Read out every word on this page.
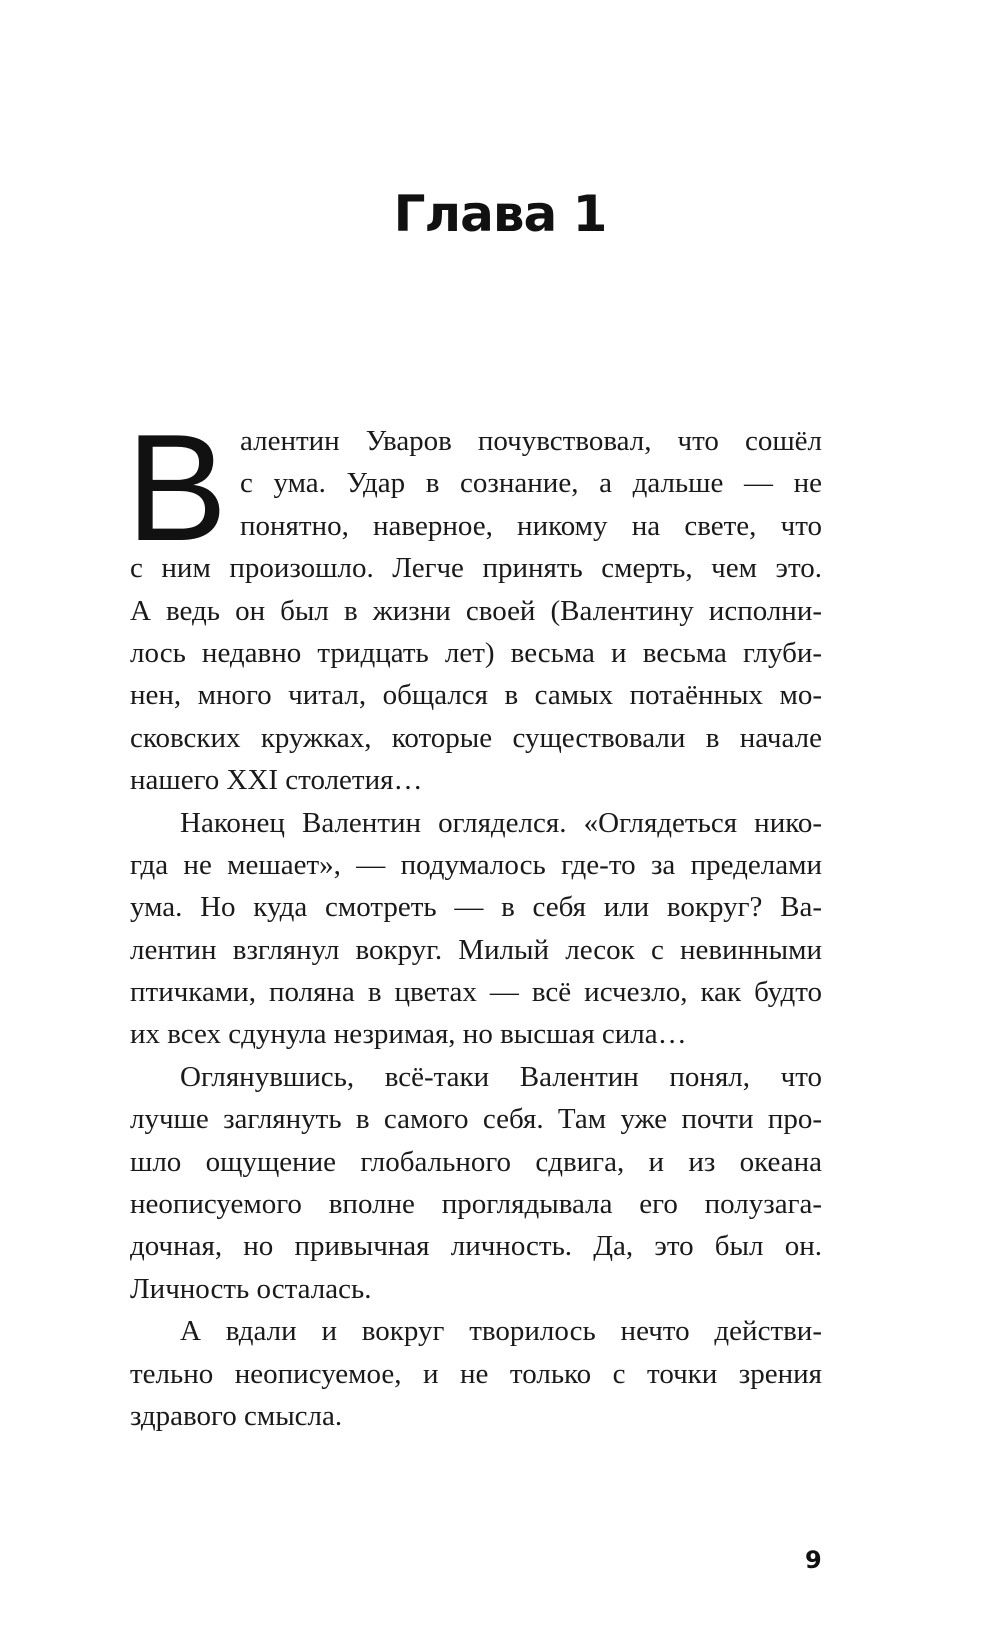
Глава 1
В алентин Уваров почувствовал, что сошёл
с ума. Удар в сознание, а дальше — не
понятно, наверное, никому на свете, что
с ним произошло. Легче принять смерть, чем это.
А ведь он был в жизни своей (Валентину исполни-
лось недавно тридцать лет) весьма и весьма глуби-
нен, много читал, общался в самых потаённых мо-
сковских кружках, которые существовали в начале
нашего XXI столетия…
Наконец Валентин огляделся. «Оглядеться нико-
гда не мешает», — подумалось где-то за пределами
ума. Но куда смотреть — в себя или вокруг? Ва-
лентин взглянул вокруг. Милый лесок с невинными
птичками, поляна в цветах — всё исчезло, как будто
их всех сдунула незримая, но высшая сила…
Оглянувшись, всё-таки Валентин понял, что
лучше заглянуть в самого себя. Там уже почти про-
шло ощущение глобального сдвига, и из океана
неописуемого вполне проглядывала его полузага-
дочная, но привычная личность. Да, это был он.
Личность осталась.
А вдали и вокруг творилось нечто действи-
тельно неописуемое, и не только с точки зрения
здравого смысла.
9
